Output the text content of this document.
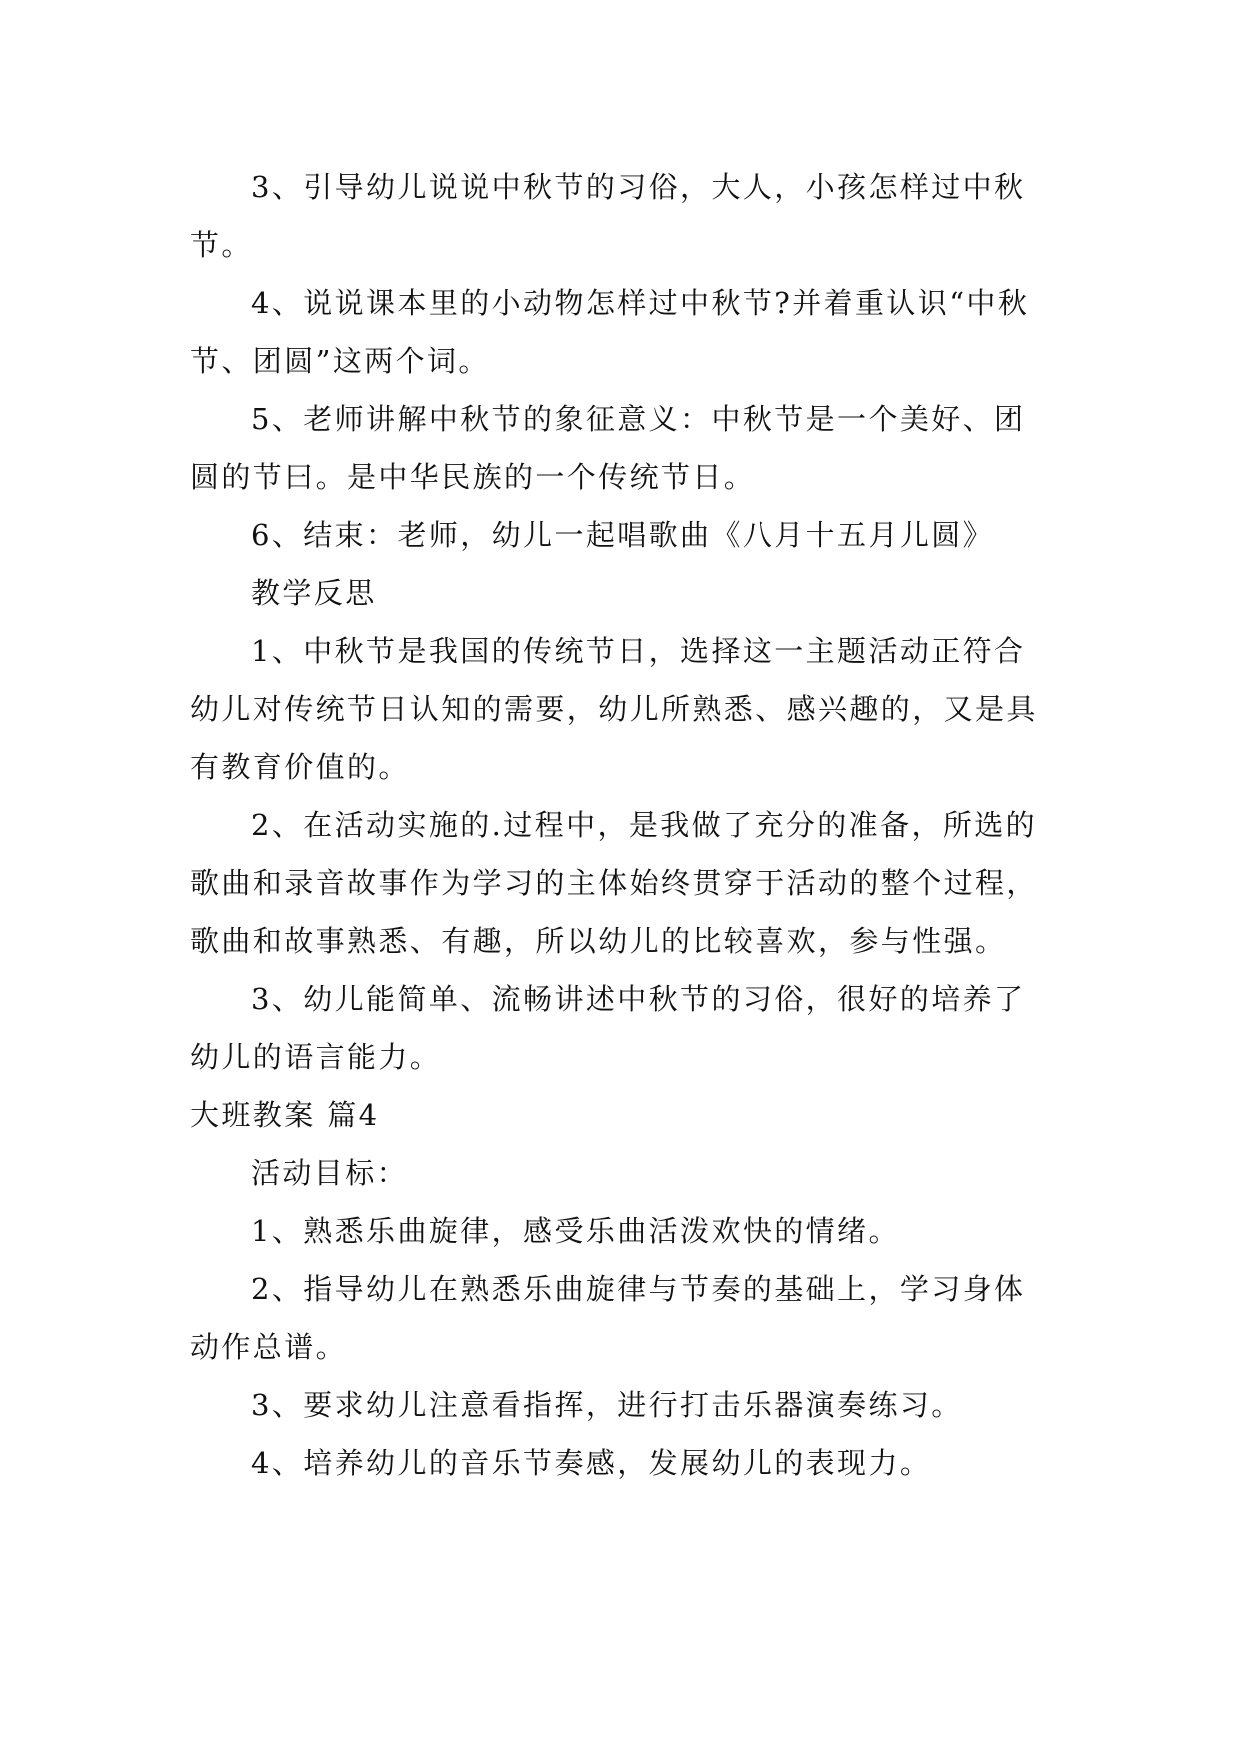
3、引导幼儿说说中秋节的习俗，大人，小孩怎样过中秋节。

4、说说课本里的小动物怎样过中秋节?并着重认识“中秋节、团圆”这两个词。

5、老师讲解中秋节的象征意义：中秋节是一个美好、团圆的节曰。是中华民族的一个传统节日。

6、结束：老师，幼儿一起唱歌曲《八月十五月儿圆》

教学反思

1、中秋节是我国的传统节日，选择这一主题活动正符合幼儿对传统节日认知的需要，幼儿所熟悉、感兴趣的，又是具有教育价值的。

2、在活动实施的.过程中，是我做了充分的准备，所选的歌曲和录音故事作为学习的主体始终贯穿于活动的整个过程，歌曲和故事熟悉、有趣，所以幼儿的比较喜欢，参与性强。

3、幼儿能简单、流畅讲述中秋节的习俗，很好的培养了幼儿的语言能力。

大班教案 篇4

活动目标：

1、熟悉乐曲旋律，感受乐曲活泼欢快的情绪。

2、指导幼儿在熟悉乐曲旋律与节奏的基础上，学习身体动作总谱。

3、要求幼儿注意看指挥，进行打击乐器演奏练习。

4、培养幼儿的音乐节奏感，发展幼儿的表现力。
